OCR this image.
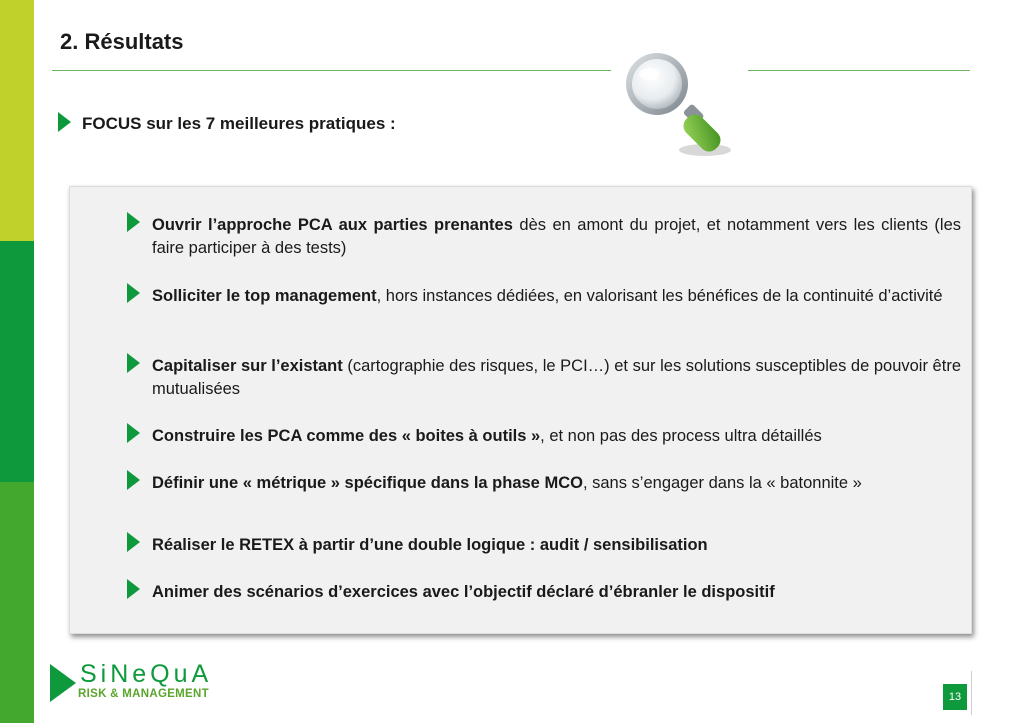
2. Résultats

FOCUS sur les 7 meilleures pratiques :

Ouvrir l’approche PCA aux parties prenantes dès en amont du projet, et notamment vers les clients (les faire participer à des tests)
Solliciter le top management, hors instances dédiées, en valorisant les bénéfices de la continuité d’activité
Capitaliser sur l’existant (cartographie des risques, le PCI…) et sur les solutions susceptibles de pouvoir être mutualisées
Construire les PCA comme des « boites à outils », et non pas des process ultra détaillés
Définir une « métrique » spécifique dans la phase MCO, sans s’engager dans la « batonnite »
Réaliser le RETEX à partir d’une double logique : audit / sensibilisation
Animer des scénarios d’exercices avec l’objectif déclaré d’ébranler le dispositif
SiNeQuA
RISK & MANAGEMENT	13
